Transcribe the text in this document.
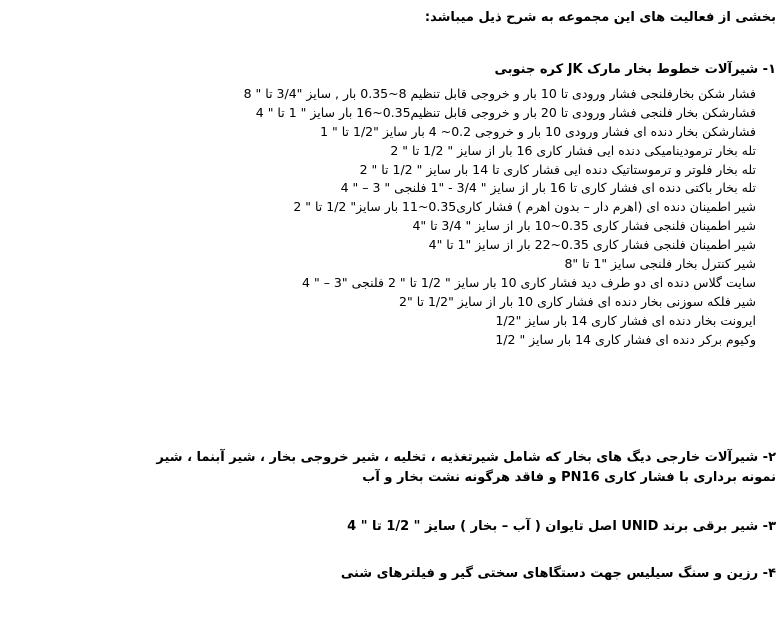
بخشی از فعالیت های این مجموعه به شرح ذیل میباشد:
۱- شیرآلات خطوط بخار مارک JK کره جنوبی
فشار شکن بخارفلنجی فشار ورودی تا 10 بار و خروجی قابل تنظیم 8~0.35 بار , سایز "3/4 تا " 8
فشارشکن بخار فلنجی فشار ورودی تا 20 بار و خروجی قابل تنظیم0.35~16 بار سایز " 1 تا " 4
فشارشکن بخار دنده ای فشار ورودی 10 بار و خروجی 0.2~ 4 بار سایز "1/2 تا " 1
تله بخار ترمودینامیکی دنده ایی فشار کاری 16 بار از سایز " 1/2 تا " 2
تله بخار فلوتر و ترموستاتیک دنده ایی فشار کاری تا 14 بار سایز " 1/2 تا " 2
تله بخار باکتی دنده ای فشار کاری تا 16 بار از سایز " 3/4 - "1 فلنجی " 3 – " 4
شیر اطمینان دنده ای (اهرم دار – بدون اهرم ) فشار کاری0.35~11 بار سایز" 1/2 تا " 2
شیر اطمینان فلنجی فشار کاری 0.35~10 بار از سایز " 3/4 تا "4
شیر اطمینان فلنجی فشار کاری 0.35~22 بار از سایز "1 تا "4
شیر کنترل بخار فلنجی سایز "1 تا "8
سایت گلاس دنده ای دو طرف دید فشار کاری 10 بار سایز " 1/2 تا " 2 فلنجی "3 – " 4
شیر فلکه سوزنی بخار دنده ای فشار کاری 10 بار از سایز "1/2 تا "2
ایرونت بخار دنده ای فشار کاری 14 بار سایز "1/2
وکیوم برکر دنده ای فشار کاری 14 بار سایز " 1/2
۲- شیرآلات خارجی دیگ های بخار که شامل شیرتغذیه ، تخلیه ، شیر خروجی بخار ، شیر آبنما ، شیر
نمونه برداری با فشار کاری PN16 و فاقد هرگونه نشت بخار و آب
۳- شیر برقی برند UNID اصل تایوان ( آب – بخار ) سایز " 1/2 تا " 4
۴- رزین و سنگ سیلیس جهت دستگاهای سختی گیر و فیلترهای شنی
